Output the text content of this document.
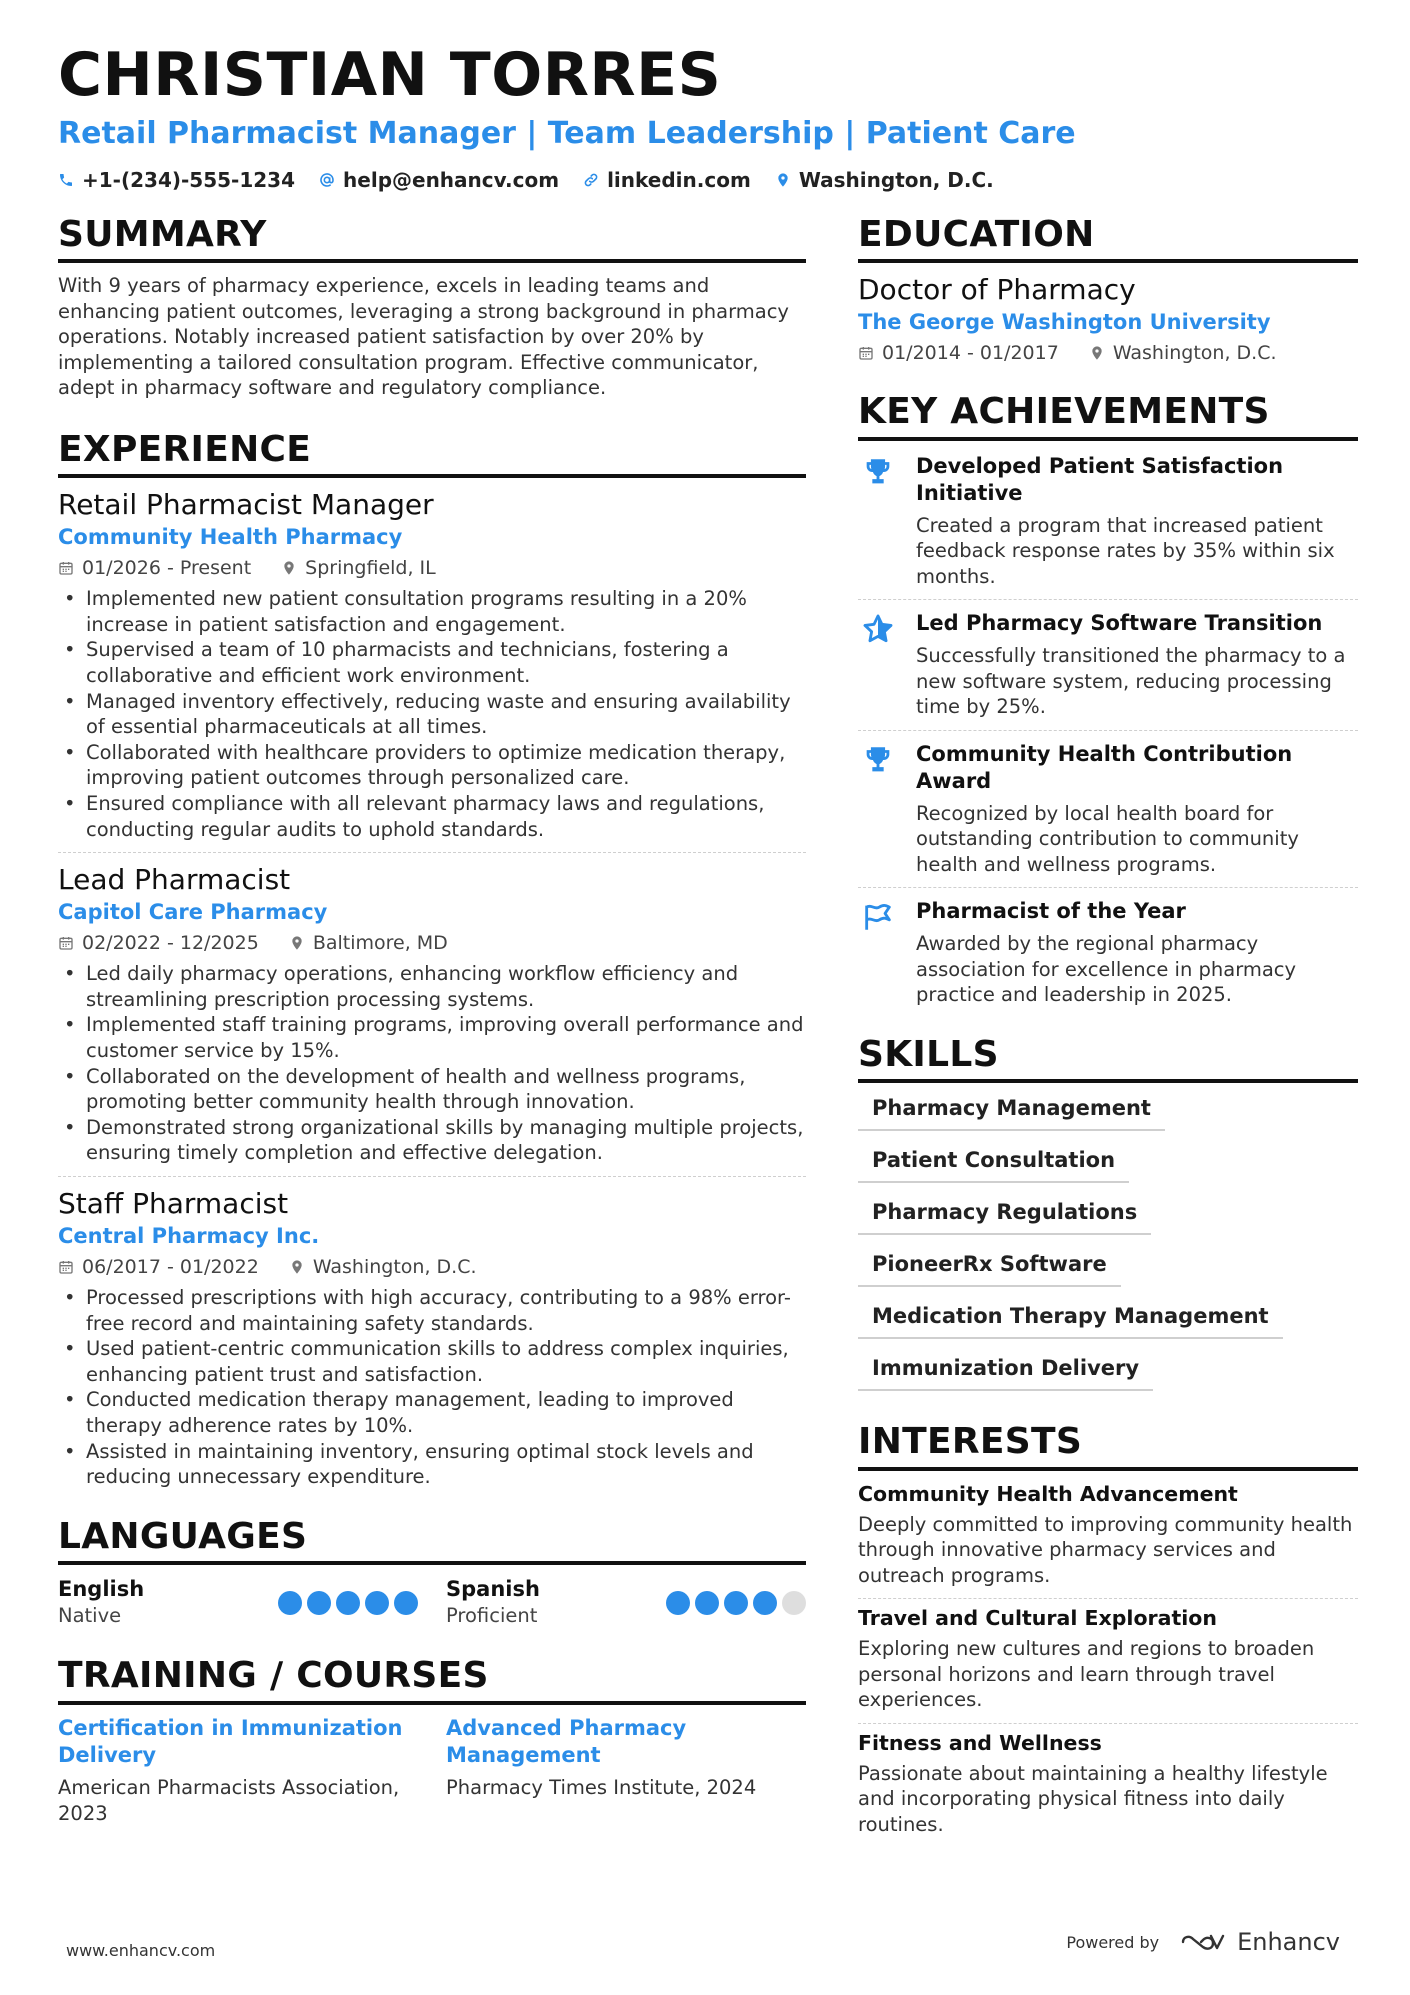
CHRISTIAN TORRES
Retail Pharmacist Manager | Team Leadership | Patient Care
+1-(234)-555-1234 help@enhancv.com linkedin.com Washington, D.C.
SUMMARY

With 9 years of pharmacy experience, excels in leading teams and enhancing patient outcomes, leveraging a strong background in pharmacy operations. Notably increased patient satisfaction by over 20% by implementing a tailored consultation program. Effective communicator, adept in pharmacy software and regulatory compliance.

EXPERIENCE
Retail Pharmacist Manager
Community Health Pharmacy
01/2026 - Present	Springfield, IL
• Implemented new patient consultation programs resulting in a 20% increase in patient satisfaction and engagement.
• Supervised a team of 10 pharmacists and technicians, fostering a collaborative and efficient work environment.
• Managed inventory effectively, reducing waste and ensuring availability of essential pharmaceuticals at all times.
• Collaborated with healthcare providers to optimize medication therapy, improving patient outcomes through personalized care.
• Ensured compliance with all relevant pharmacy laws and regulations, conducting regular audits to uphold standards.
Lead Pharmacist
Capitol Care Pharmacy
02/2022 - 12/2025	Baltimore, MD
• Led daily pharmacy operations, enhancing workflow efficiency and streamlining prescription processing systems.
• Implemented staff training programs, improving overall performance and customer service by 15%.
• Collaborated on the development of health and wellness programs, promoting better community health through innovation.
• Demonstrated strong organizational skills by managing multiple projects, ensuring timely completion and effective delegation.
Staff Pharmacist
Central Pharmacy Inc.
06/2017 - 01/2022	Washington, D.C.
• Processed prescriptions with high accuracy, contributing to a 98% error-free record and maintaining safety standards.
• Used patient-centric communication skills to address complex inquiries, enhancing patient trust and satisfaction.
• Conducted medication therapy management, leading to improved therapy adherence rates by 10%.
• Assisted in maintaining inventory, ensuring optimal stock levels and reducing unnecessary expenditure.
LANGUAGES
English
Native
Spanish
Proficient
TRAINING / COURSES
Certification in Immunization Delivery
American Pharmacists Association, 2023
Advanced Pharmacy Management
Pharmacy Times Institute, 2024
EDUCATION
Doctor of Pharmacy
The George Washington University
01/2014 - 01/2017	Washington, D.C.
KEY ACHIEVEMENTS
Developed Patient Satisfaction Initiative
Created a program that increased patient feedback response rates by 35% within six months.
Led Pharmacy Software Transition
Successfully transitioned the pharmacy to a new software system, reducing processing time by 25%.
Community Health Contribution Award
Recognized by local health board for outstanding contribution to community health and wellness programs.
Pharmacist of the Year
Awarded by the regional pharmacy association for excellence in pharmacy practice and leadership in 2025.
SKILLS
Pharmacy Management
Patient Consultation
Pharmacy Regulations
PioneerRx Software
Medication Therapy Management
Immunization Delivery
INTERESTS
Community Health Advancement
Deeply committed to improving community health through innovative pharmacy services and outreach programs.
Travel and Cultural Exploration
Exploring new cultures and regions to broaden personal horizons and learn through travel experiences.
Fitness and Wellness
Passionate about maintaining a healthy lifestyle and incorporating physical fitness into daily routines.
www.enhancv.com	Powered by	Enhancv
